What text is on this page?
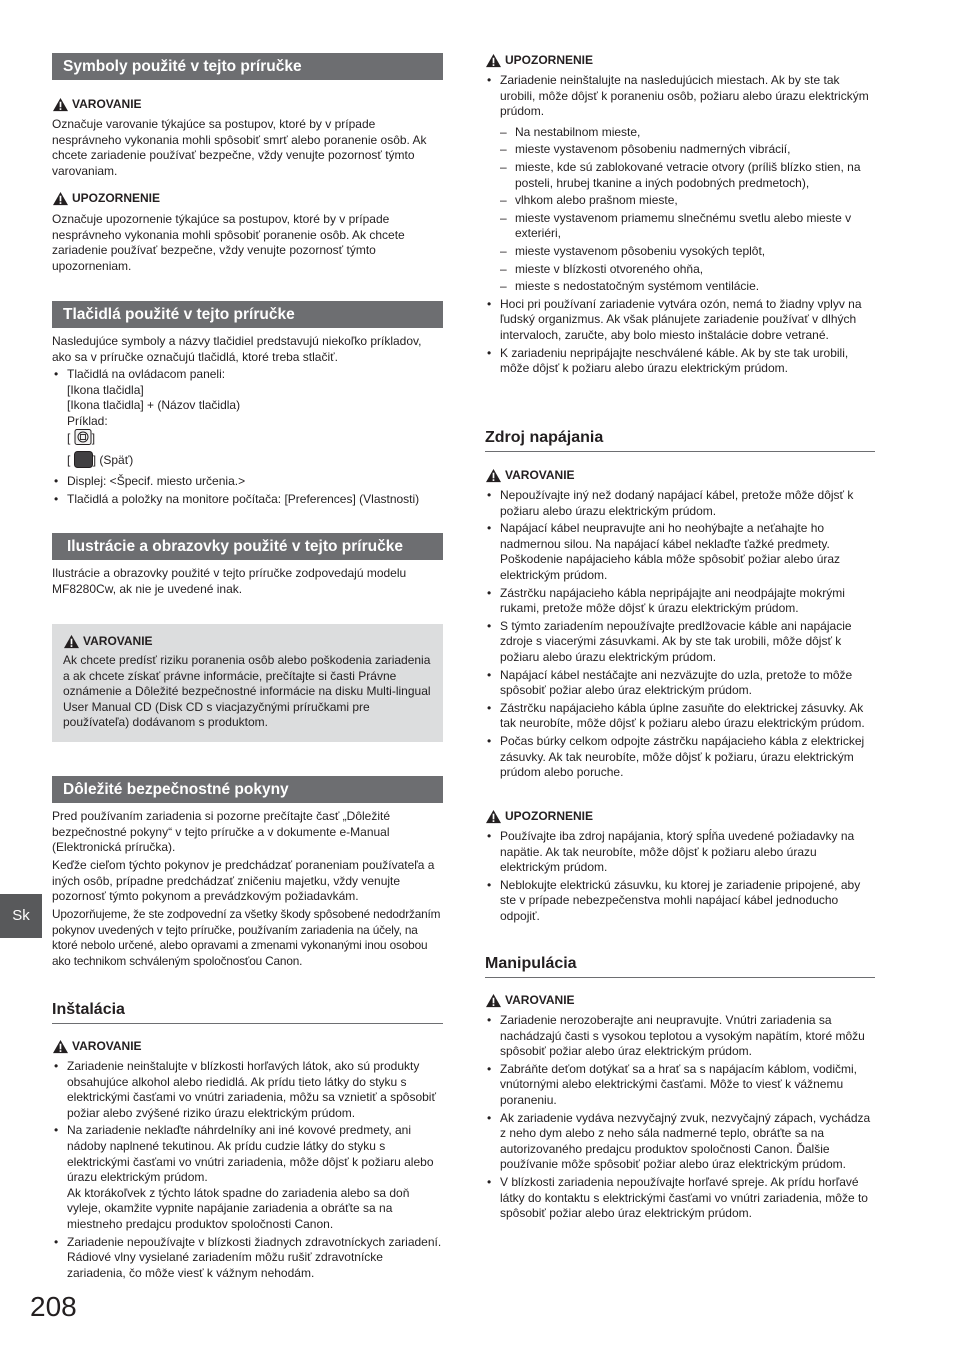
Symboly použité v tejto príručke
VAROVANIE

Označuje varovanie týkajúce sa postupov, ktoré by v prípade nesprávneho vykonania mohli spôsobiť smrť alebo poranenie osôb. Ak chcete zariadenie používať bezpečne, vždy venujte pozornosť týmto varovaniam.

UPOZORNENIE

Označuje upozornenie týkajúce sa postupov, ktoré by v prípade nesprávneho vykonania mohli spôsobiť poranenie osôb. Ak chcete zariadenie používať bezpečne, vždy venujte pozornosť týmto upozorneniam.

Tlačidlá použité v tejto príručke

Nasledujúce symboly a názvy tlačidiel predstavujú niekoľko príkladov, ako sa v príručke označujú tlačidlá, ktoré treba stlačiť.

• Tlačidlá na ovládacom paneli:
[Ikona tlačidla]
[Ikona tlačidla] + (Názov tlačidla)
Príklad:
[ ]
[ ] (Späť)
• Displej: <Špecif. miesto určenia.>
• Tlačidlá a položky na monitore počítača: [Preferences] (Vlastnosti)
Ilustrácie a obrazovky použité v tejto príručke

Ilustrácie a obrazovky použité v tejto príručke zodpovedajú modelu MF8280Cw, ak nie je uvedené inak.

VAROVANIE

Ak chcete predísť riziku poranenia osôb alebo poškodenia zariadenia a ak chcete získať právne informácie, prečítajte si časti Právne oznámenie a Dôležité bezpečnostné informácie na disku Multi-lingual User Manual CD (Disk CD s viacjazyčnými príručkami pre používateľa) dodávanom s produktom.

Dôležité bezpečnostné pokyny

Pred používaním zariadenia si pozorne prečítajte časť „Dôležité bezpečnostné pokyny“ v tejto príručke a v dokumente e-Manual (Elektronická príručka).

Keďže cieľom týchto pokynov je predchádzať poraneniam používateľa a iných osôb, prípadne predchádzať zničeniu majetku, vždy venujte pozornosť týmto pokynom a prevádzkovým požiadavkám.

Upozorňujeme, že ste zodpovední za všetky škody spôsobené nedodržaním pokynov uvedených v tejto príručke, používaním zariadenia na účely, na ktoré nebolo určené, alebo opravami a zmenami vykonanými inou osobou ako technikom schváleným spoločnosťou Canon.

Inštalácia
VAROVANIE
• Zariadenie neinštalujte v blízkosti horľavých látok, ako sú produkty obsahujúce alkohol alebo riedidlá. Ak prídu tieto látky do styku s elektrickými časťami vo vnútri zariadenia, môžu sa vznietiť a spôsobiť požiar alebo zvýšené riziko úrazu elektrickým prúdom.
• Na zariadenie neklaďte náhrdelníky ani iné kovové predmety, ani nádoby naplnené tekutinou. Ak prídu cudzie látky do styku s elektrickými časťami vo vnútri zariadenia, môže dôjsť k požiaru alebo úrazu elektrickým prúdom.
Ak ktorákoľvek z týchto látok spadne do zariadenia alebo sa doň vyleje, okamžite vypnite napájanie zariadenia a obráťte sa na miestneho predajcu produktov spoločnosti Canon.
• Zariadenie nepoužívajte v blízkosti žiadnych zdravotníckych zariadení. Rádiové vlny vysielané zariadením môžu rušiť zdravotnícke zariadenia, čo môže viesť k vážnym nehodám.
UPOZORNENIE
• Zariadenie neinštalujte na nasledujúcich miestach. Ak by ste tak urobili, môže dôjsť k poraneniu osôb, požiaru alebo úrazu elektrickým prúdom.
– Na nestabilnom mieste,
– mieste vystavenom pôsobeniu nadmerných vibrácií,
– mieste, kde sú zablokované vetracie otvory (príliš blízko stien, na posteli, hrubej tkanine a iných podobných predmetoch),
– vlhkom alebo prašnom mieste,
– mieste vystavenom priamemu slnečnému svetlu alebo mieste v exteriéri,
– mieste vystavenom pôsobeniu vysokých teplôt,
– mieste v blízkosti otvoreného ohňa,
– mieste s nedostatočným systémom ventilácie.
• Hoci pri používaní zariadenie vytvára ozón, nemá to žiadny vplyv na ľudský organizmus. Ak však plánujete zariadenie používať v dlhých intervaloch, zaručte, aby bolo miesto inštalácie dobre vetrané.
• K zariadeniu nepripájajte neschválené káble. Ak by ste tak urobili, môže dôjsť k požiaru alebo úrazu elektrickým prúdom.
Zdroj napájania
VAROVANIE
• Nepoužívajte iný než dodaný napájací kábel, pretože môže dôjsť k požiaru alebo úrazu elektrickým prúdom.
• Napájací kábel neupravujte ani ho neohýbajte a neťahajte ho nadmernou silou. Na napájací kábel neklaďte ťažké predmety. Poškodenie napájacieho kábla môže spôsobiť požiar alebo úraz elektrickým prúdom.
• Zástrčku napájacieho kábla nepripájajte ani neodpájajte mokrými rukami, pretože môže dôjsť k úrazu elektrickým prúdom.
• S týmto zariadením nepoužívajte predlžovacie káble ani napájacie zdroje s viacerými zásuvkami. Ak by ste tak urobili, môže dôjsť k požiaru alebo úrazu elektrickým prúdom.
• Napájací kábel nestáčajte ani nezväzujte do uzla, pretože to môže spôsobiť požiar alebo úraz elektrickým prúdom.
• Zástrčku napájacieho kábla úplne zasuňte do elektrickej zásuvky. Ak tak neurobíte, môže dôjsť k požiaru alebo úrazu elektrickým prúdom.
• Počas búrky celkom odpojte zástrčku napájacieho kábla z elektrickej zásuvky. Ak tak neurobíte, môže dôjsť k požiaru, úrazu elektrickým prúdom alebo poruche.
UPOZORNENIE
• Používajte iba zdroj napájania, ktorý spĺňa uvedené požiadavky na napätie. Ak tak neurobíte, môže dôjsť k požiaru alebo úrazu elektrickým prúdom.
• Neblokujte elektrickú zásuvku, ku ktorej je zariadenie pripojené, aby ste v prípade nebezpečenstva mohli napájací kábel jednoducho odpojiť.
Manipulácia
VAROVANIE
• Zariadenie nerozoberajte ani neupravujte. Vnútri zariadenia sa nachádzajú časti s vysokou teplotou a vysokým napätím, ktoré môžu spôsobiť požiar alebo úraz elektrickým prúdom.
• Zabráňte deťom dotýkať sa a hrať sa s napájacím káblom, vodičmi, vnútornými alebo elektrickými časťami. Môže to viesť k vážnemu poraneniu.
• Ak zariadenie vydáva nezvyčajný zvuk, nezvyčajný zápach, vychádza z neho dym alebo z neho sála nadmerné teplo, obráťte sa na autorizovaného predajcu produktov spoločnosti Canon. Ďalšie používanie môže spôsobiť požiar alebo úraz elektrickým prúdom.
• V blízkosti zariadenia nepoužívajte horľavé spreje. Ak prídu horľavé látky do kontaktu s elektrickými časťami vo vnútri zariadenia, môže to spôsobiť požiar alebo úraz elektrickým prúdom.
Sk
208
